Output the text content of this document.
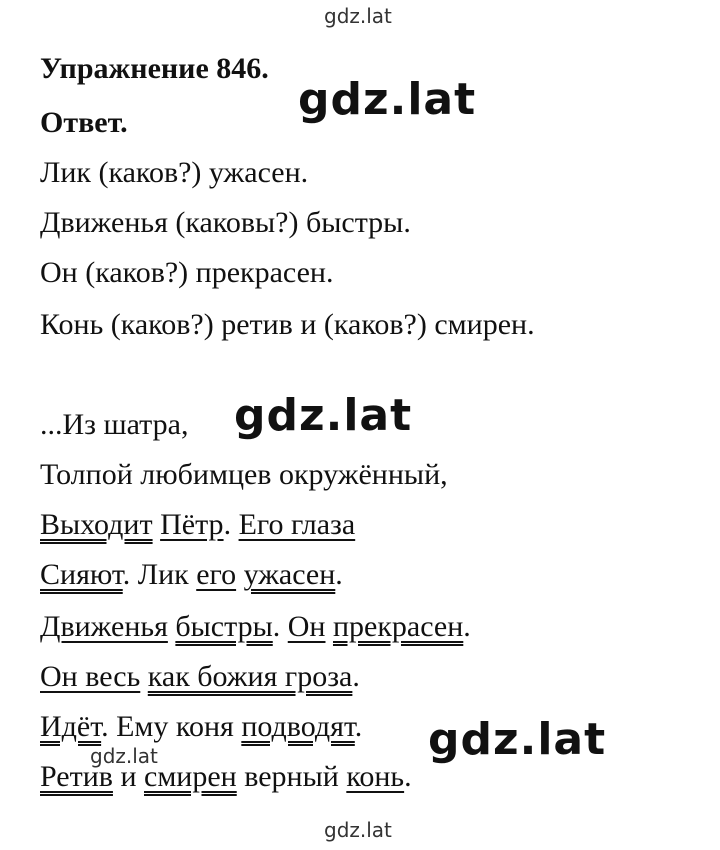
gdz.lat
Упражнение 846.
gdz.lat
Ответ.
Лик (каков?) ужасен.
Движенья (каковы?) быстры.
Он (каков?) прекрасен.
Конь (каков?) ретив и (каков?) смирен.
...Из шатра, gdz.lat
Толпой любимцев окружённый,
Выходит Пётр. Его глаза
Сияют. Лик его ужасен.
Движенья быстры. Он прекрасен.
Он весь как божия гроза.
Идёт. Ему коня подводят. gdz.lat
gdz.lat
Ретив и смирен верный конь.
gdz.lat
